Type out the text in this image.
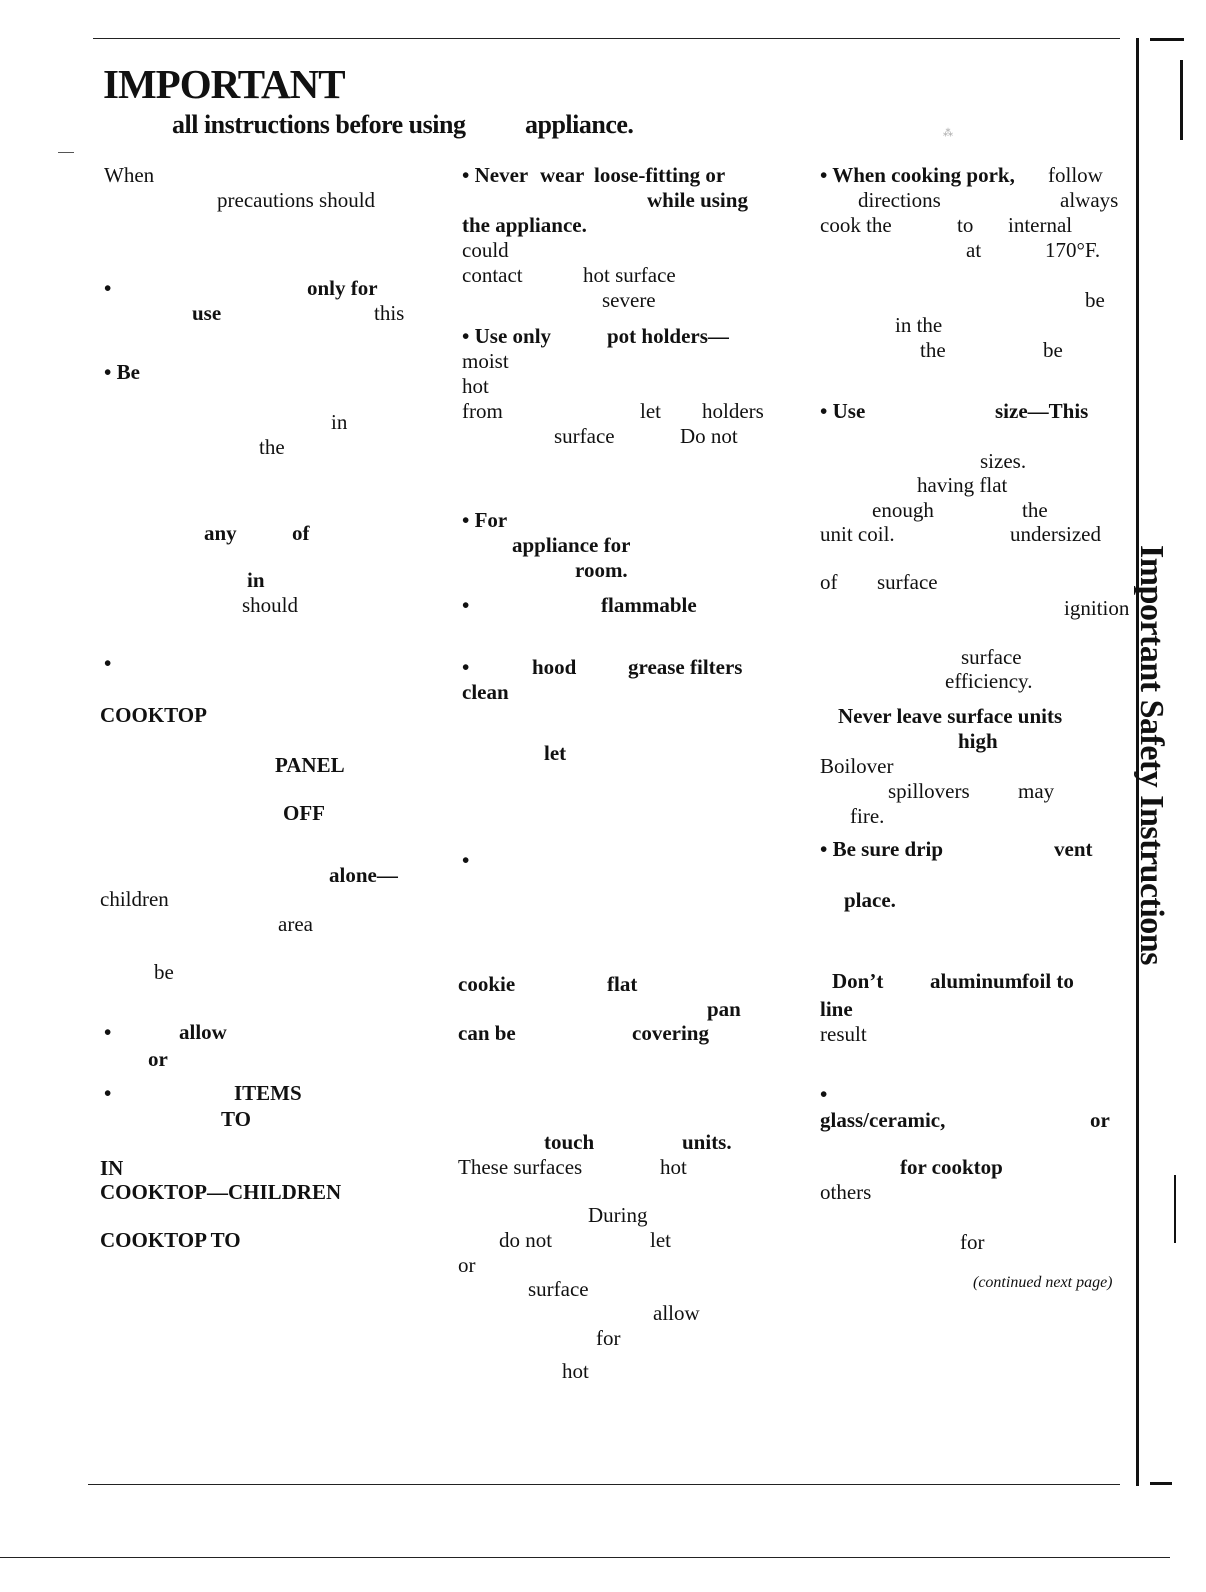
⁂
IMPORTANT
all instructions before using appliance.
When
precautions should
•	only for
use	this
• Be
in
the
any	of
in
should
•
COOKTOP
PANEL
OFF
alone—
children
area
be
•	allow
or
•	ITEMS
TO
IN
COOKTOP—CHILDREN
COOKTOP TO
• Never wear loose-fitting or
while using
the appliance.
could
contact	hot surface
severe
• Use only	pot holders—
moist
hot
from	let holders
surface	Do not
• For
appliance for
room.
•	flammable
•	hood grease filters
clean
let
•
cookie	flat
pan
can be	covering
touch	units.
These surfaces	hot
During
do not	let
or
surface
allow
for
hot
• When cooking pork, follow
directions	always
cook the	to internal
at	170°F.
be
in the
the	be
• Use	size—This
sizes.
having flat
enough	the
unit coil.	undersized
of surface
ignition
surface
efficiency.
Never leave surface units
high
Boilover
spillovers may
fire.
• Be sure drip	vent
place.
Don’t aluminum foil to
line
result
•
glass/ceramic,	or
for cooktop
others
for
(continued next page)
Important Safety Instructions
